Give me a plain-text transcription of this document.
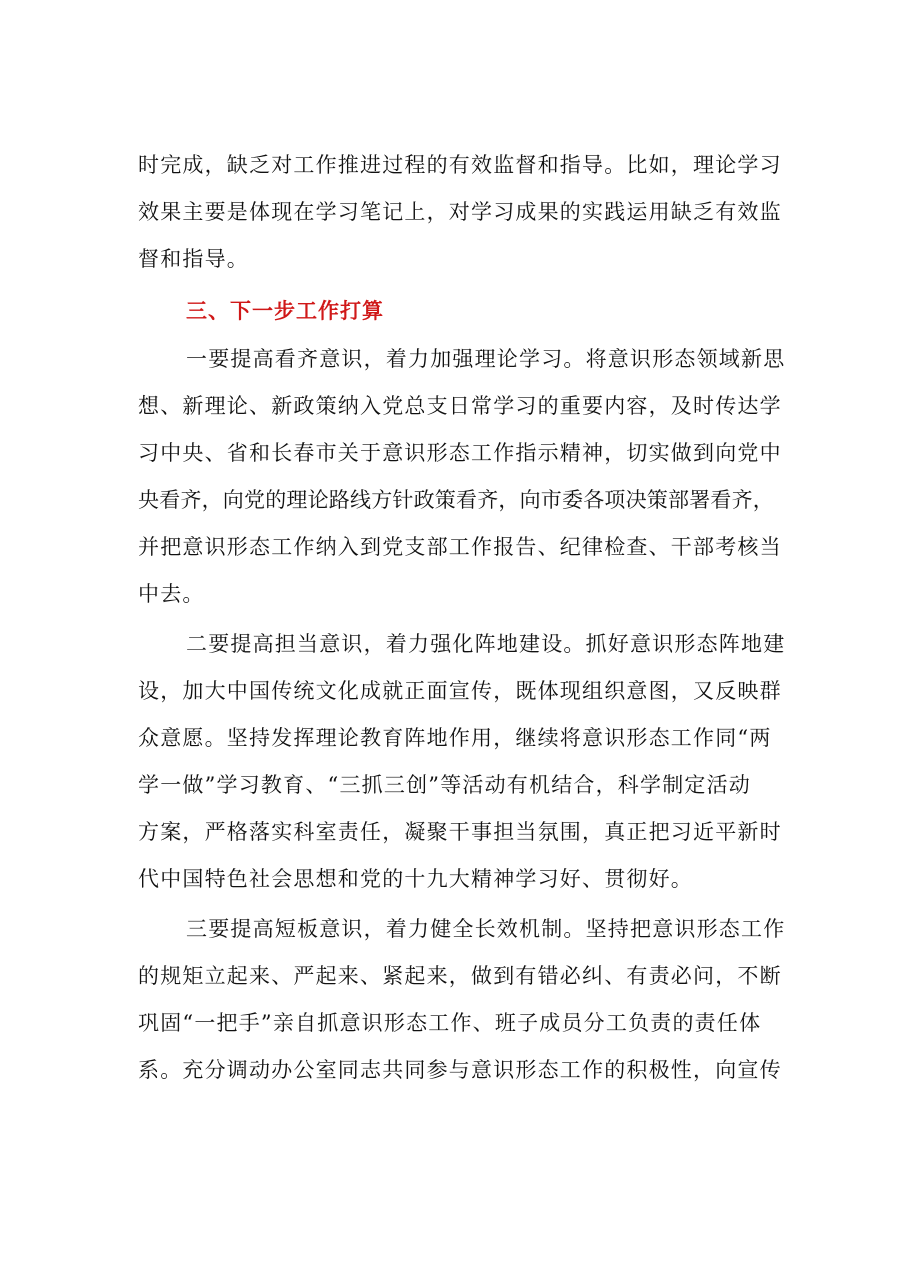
时完成，缺乏对工作推进过程的有效监督和指导。比如，理论学习
效果主要是体现在学习笔记上，对学习成果的实践运用缺乏有效监
督和指导。
三、下一步工作打算
一要提高看齐意识，着力加强理论学习。将意识形态领域新思
想、新理论、新政策纳入党总支日常学习的重要内容，及时传达学
习中央、省和长春市关于意识形态工作指示精神，切实做到向党中
央看齐，向党的理论路线方针政策看齐，向市委各项决策部署看齐，
并把意识形态工作纳入到党支部工作报告、纪律检查、干部考核当
中去。
二要提高担当意识，着力强化阵地建设。抓好意识形态阵地建
设，加大中国传统文化成就正面宣传，既体现组织意图，又反映群
众意愿。坚持发挥理论教育阵地作用，继续将意识形态工作同“两
学一做”学习教育、“三抓三创”等活动有机结合，科学制定活动
方案，严格落实科室责任，凝聚干事担当氛围，真正把习近平新时
代中国特色社会思想和党的十九大精神学习好、贯彻好。
三要提高短板意识，着力健全长效机制。坚持把意识形态工作
的规矩立起来、严起来、紧起来，做到有错必纠、有责必问，不断
巩固“一把手”亲自抓意识形态工作、班子成员分工负责的责任体
系。充分调动办公室同志共同参与意识形态工作的积极性，向宣传
